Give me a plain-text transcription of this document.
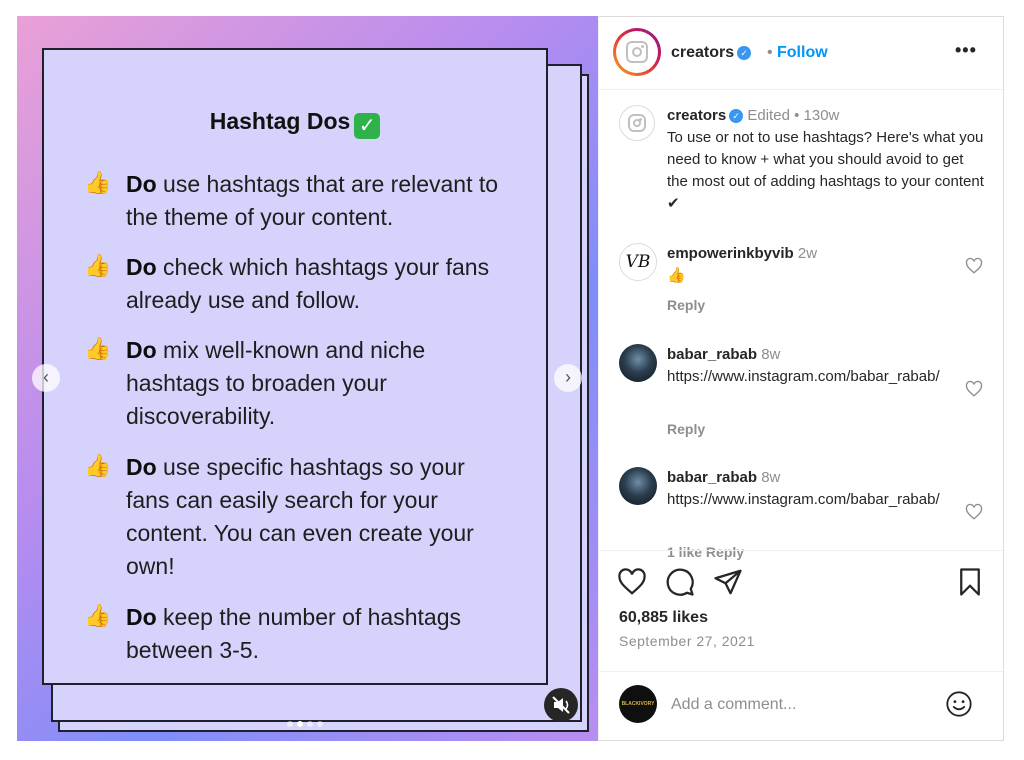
Hashtag Dos ✓
👍 Do use hashtags that are relevant to the theme of your content.
👍 Do check which hashtags your fans already use and follow.
👍 Do mix well-known and niche hashtags to broaden your discoverability.
👍 Do use specific hashtags so your fans can easily search for your content. You can even create your own!
👍 Do keep the number of hashtags between 3-5.
‹	›
creators ✓ • Follow	•••
creators ✓ Edited • 130w
To use or not to use hashtags? Here's what you need to know + what you should avoid to get the most out of adding hashtags to your content ✔
VB	empowerinkbyvib 2w
👍
Reply
babar_rabab 8w
https://www.instagram.com/babar_rabab/
Reply
babar_rabab 8w
https://www.instagram.com/babar_rabab/
1 like Reply
60,885 likes
September 27, 2021
BLACKIVORY
Add a comment...
